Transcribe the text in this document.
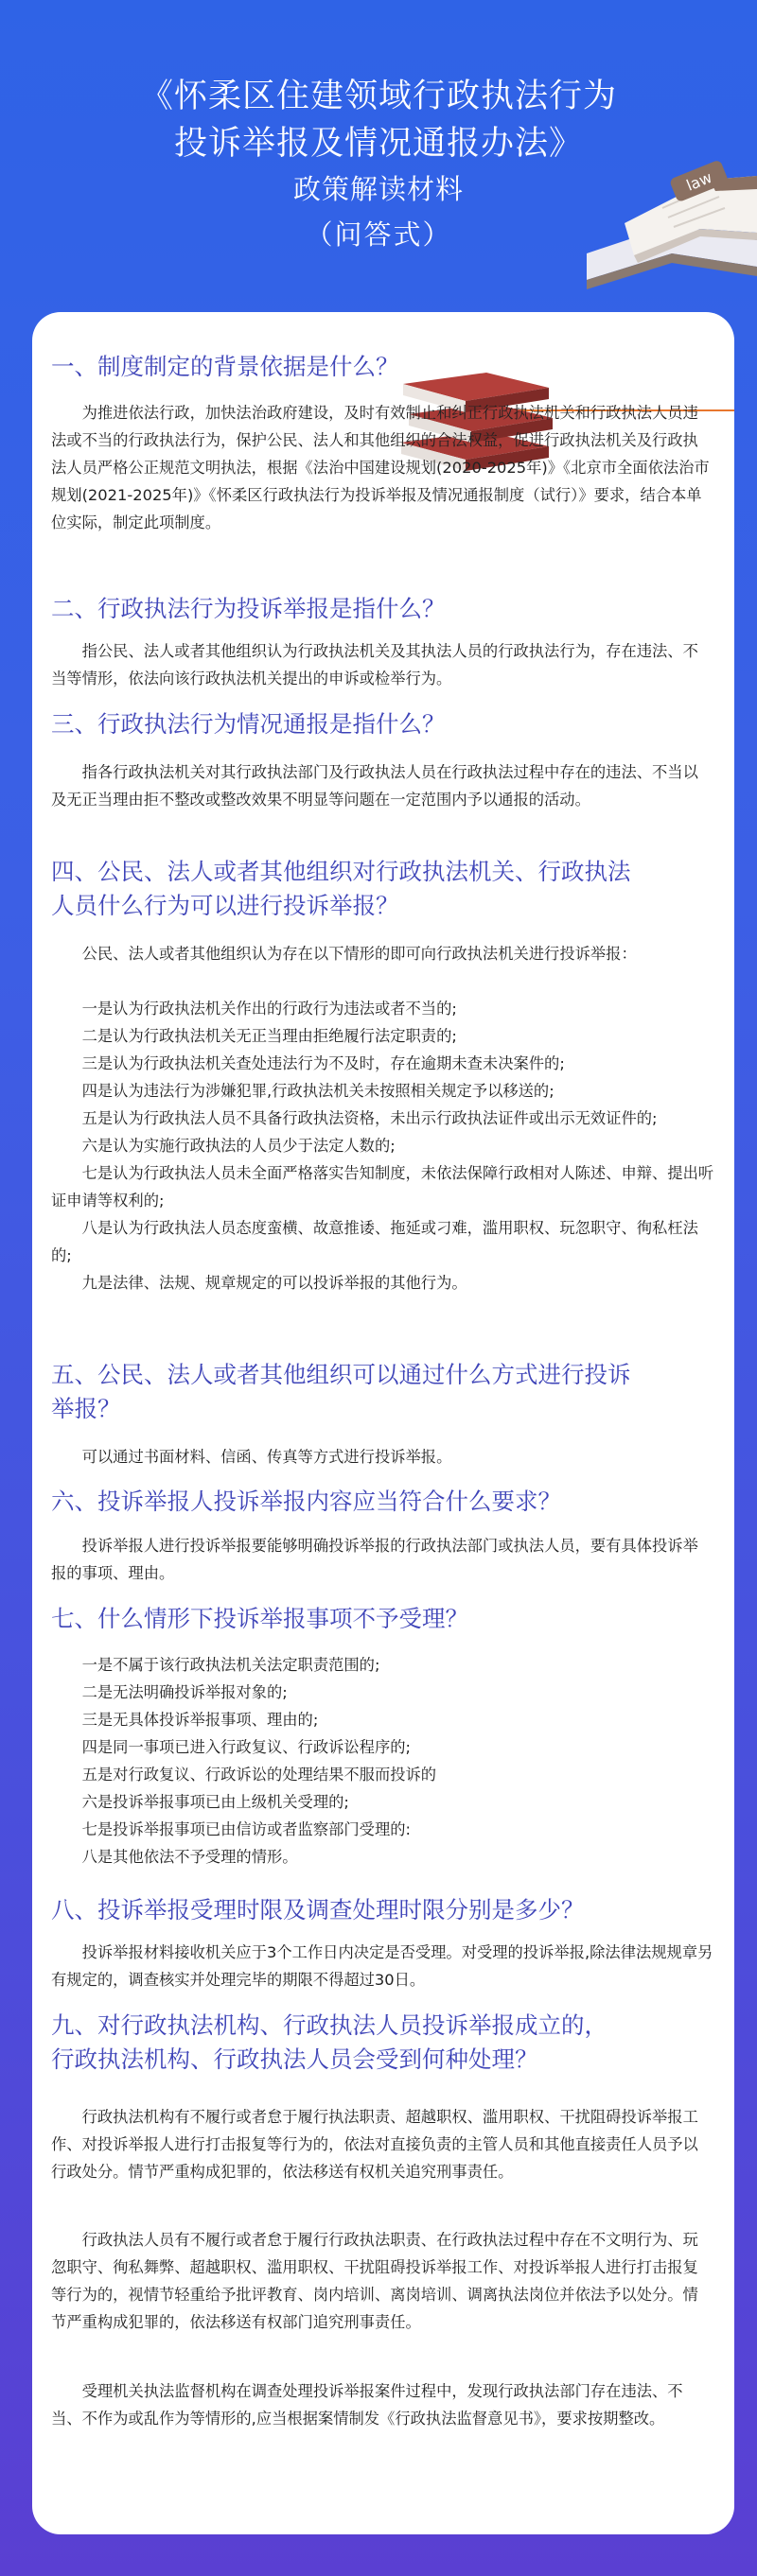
《怀柔区住建领域行政执法行为
投诉举报及情况通报办法》
政策解读材料
（问答式）
law
一、制度制定的背景依据是什么？
为推进依法行政，加快法治政府建设，及时有效制止和纠正行政执法机关和行政执法人员违法或不当的行政执法行为，保护公民、法人和其他组织的合法权益，促进行政执法机关及行政执法人员严格公正规范文明执法，根据《法治中国建设规划(2020-2025年)》《北京市全面依法治市规划(2021-2025年)》《怀柔区行政执法行为投诉举报及情况通报制度（试行）》要求，结合本单位实际，制定此项制度。
二、行政执法行为投诉举报是指什么？
指公民、法人或者其他组织认为行政执法机关及其执法人员的行政执法行为，存在违法、不当等情形，依法向该行政执法机关提出的申诉或检举行为。
三、行政执法行为情况通报是指什么？
指各行政执法机关对其行政执法部门及行政执法人员在行政执法过程中存在的违法、不当以及无正当理由拒不整改或整改效果不明显等问题在一定范围内予以通报的活动。
四、公民、法人或者其他组织对行政执法机关、行政执法
人员什么行为可以进行投诉举报？
公民、法人或者其他组织认为存在以下情形的即可向行政执法机关进行投诉举报：
一是认为行政执法机关作出的行政行为违法或者不当的;
二是认为行政执法机关无正当理由拒绝履行法定职责的;
三是认为行政执法机关查处违法行为不及时，存在逾期未查未决案件的;
四是认为违法行为涉嫌犯罪,行政执法机关未按照相关规定予以移送的;
五是认为行政执法人员不具备行政执法资格，未出示行政执法证件或出示无效证件的;
六是认为实施行政执法的人员少于法定人数的;
七是认为行政执法人员未全面严格落实告知制度，未依法保障行政相对人陈述、申辩、提出听证申请等权利的;
八是认为行政执法人员态度蛮横、故意推诿、拖延或刁难，滥用职权、玩忽职守、徇私枉法的;
九是法律、法规、规章规定的可以投诉举报的其他行为。
五、公民、法人或者其他组织可以通过什么方式进行投诉
举报？
可以通过书面材料、信函、传真等方式进行投诉举报。
六、投诉举报人投诉举报内容应当符合什么要求？
投诉举报人进行投诉举报要能够明确投诉举报的行政执法部门或执法人员，要有具体投诉举报的事项、理由。
七、什么情形下投诉举报事项不予受理？
一是不属于该行政执法机关法定职责范围的;
二是无法明确投诉举报对象的;
三是无具体投诉举报事项、理由的;
四是同一事项已进入行政复议、行政诉讼程序的;
五是对行政复议、行政诉讼的处理结果不服而投诉的
六是投诉举报事项已由上级机关受理的;
七是投诉举报事项已由信访或者监察部门受理的:
八是其他依法不予受理的情形。
八、投诉举报受理时限及调查处理时限分别是多少？
投诉举报材料接收机关应于3个工作日内决定是否受理。对受理的投诉举报,除法律法规规章另有规定的，调查核实并处理完毕的期限不得超过30日。
九、对行政执法机构、行政执法人员投诉举报成立的，
行政执法机构、行政执法人员会受到何种处理？
行政执法机构有不履行或者怠于履行执法职责、超越职权、滥用职权、干扰阻碍投诉举报工作、对投诉举报人进行打击报复等行为的，依法对直接负责的主管人员和其他直接责任人员予以行政处分。情节严重构成犯罪的，依法移送有权机关追究刑事责任。
行政执法人员有不履行或者怠于履行行政执法职责、在行政执法过程中存在不文明行为、玩忽职守、徇私舞弊、超越职权、滥用职权、干扰阻碍投诉举报工作、对投诉举报人进行打击报复等行为的，视情节轻重给予批评教育、岗内培训、离岗培训、调离执法岗位并依法予以处分。情节严重构成犯罪的，依法移送有权部门追究刑事责任。
受理机关执法监督机构在调查处理投诉举报案件过程中，发现行政执法部门存在违法、不当、不作为或乱作为等情形的,应当根据案情制发《行政执法监督意见书》，要求按期整改。
